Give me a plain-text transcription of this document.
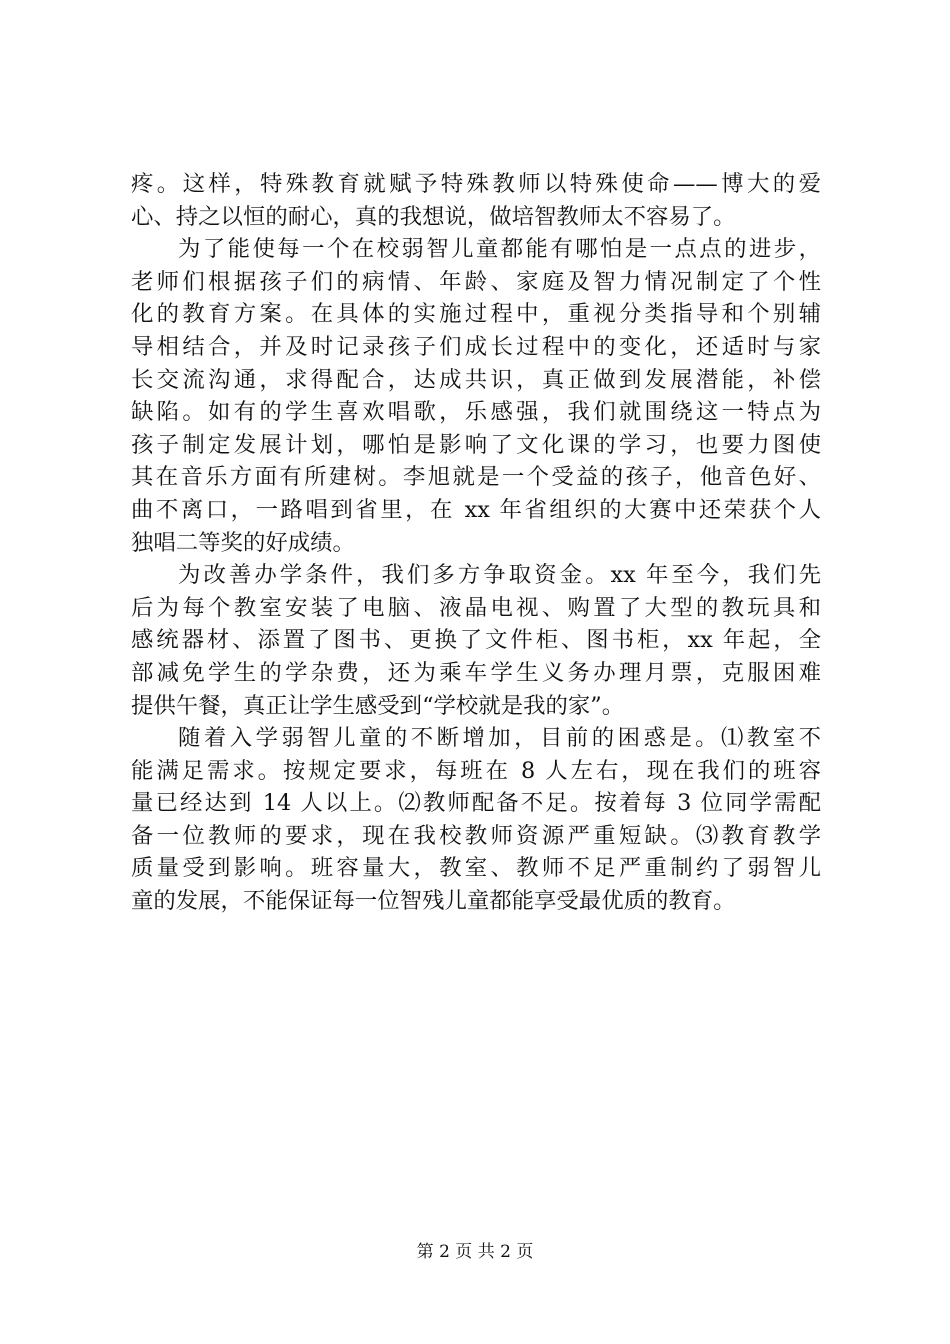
疼。这样，特殊教育就赋予特殊教师以特殊使命——博大的爱
心、持之以恒的耐心，真的我想说，做培智教师太不容易了。
为了能使每一个在校弱智儿童都能有哪怕是一点点的进步，
老师们根据孩子们的病情、年龄、家庭及智力情况制定了个性
化的教育方案。在具体的实施过程中，重视分类指导和个别辅
导相结合，并及时记录孩子们成长过程中的变化，还适时与家
长交流沟通，求得配合，达成共识，真正做到发展潜能，补偿
缺陷。如有的学生喜欢唱歌，乐感强，我们就围绕这一特点为
孩子制定发展计划，哪怕是影响了文化课的学习，也要力图使
其在音乐方面有所建树。李旭就是一个受益的孩子，他音色好、
曲不离口，一路唱到省里，在 xx 年省组织的大赛中还荣获个人
独唱二等奖的好成绩。
为改善办学条件，我们多方争取资金。xx 年至今，我们先
后为每个教室安装了电脑、液晶电视、购置了大型的教玩具和
感统器材、添置了图书、更换了文件柜、图书柜，xx 年起，全
部减免学生的学杂费，还为乘车学生义务办理月票，克服困难
提供午餐，真正让学生感受到“学校就是我的家”。
随着入学弱智儿童的不断增加，目前的困惑是。⑴教室不
能满足需求。按规定要求，每班在 8 人左右，现在我们的班容
量已经达到 14 人以上。⑵教师配备不足。按着每 3 位同学需配
备一位教师的要求，现在我校教师资源严重短缺。⑶教育教学
质量受到影响。班容量大，教室、教师不足严重制约了弱智儿
童的发展，不能保证每一位智残儿童都能享受最优质的教育。
第 2 页 共 2 页
